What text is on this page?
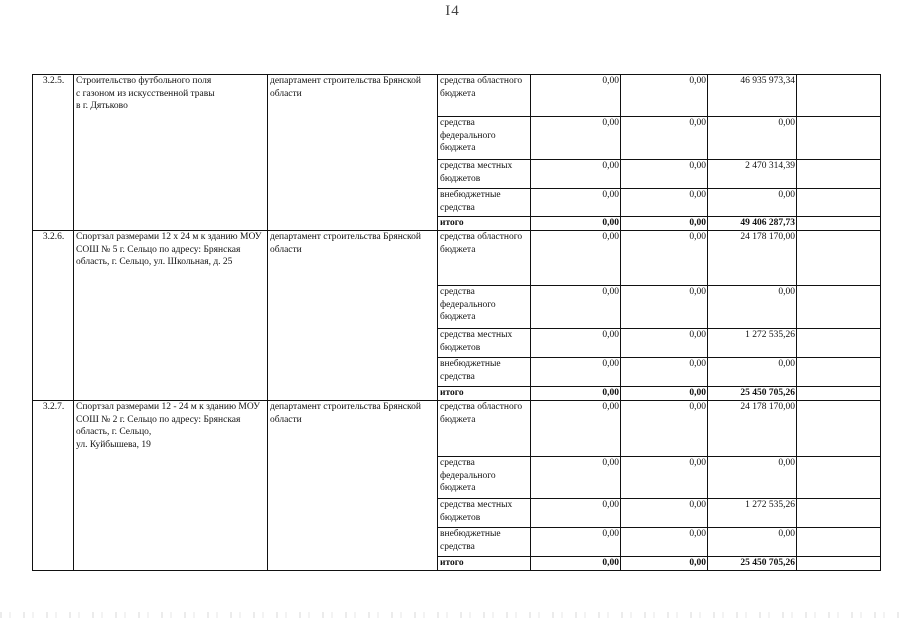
I4
3.2.5.	Строительство футбольного поля
с газоном из искусственной травы
в г. Дятьково	департамент строительства Брянской области	средства областного бюджета	0,00	0,00	46 935 973,34	
			средства федерального бюджета	0,00	0,00	0,00	
			средства местных бюджетов	0,00	0,00	2 470 314,39	
			внебюджетные средства	0,00	0,00	0,00	
			итого	0,00	0,00	49 406 287,73	
3.2.6.	Спортзал размерами 12 х 24 м к зданию МОУ СОШ № 5 г. Сельцо по адресу: Брянская область, г. Сельцо, ул. Школьная, д. 25	департамент строительства Брянской области	средства областного бюджета	0,00	0,00	24 178 170,00	
			средства федерального бюджета	0,00	0,00	0,00	
			средства местных бюджетов	0,00	0,00	1 272 535,26	
			внебюджетные средства	0,00	0,00	0,00	
			итого	0,00	0,00	25 450 705,26	
3.2.7.	Спортзал размерами 12 - 24 м к зданию МОУ СОШ № 2 г. Сельцо по адресу: Брянская область, г. Сельцо,
ул. Куйбышева, 19	департамент строительства Брянской области	средства областного бюджета	0,00	0,00	24 178 170,00	
			средства федерального бюджета	0,00	0,00	0,00	
			средства местных бюджетов	0,00	0,00	1 272 535,26	
			внебюджетные средства	0,00	0,00	0,00	
			итого	0,00	0,00	25 450 705,26	
